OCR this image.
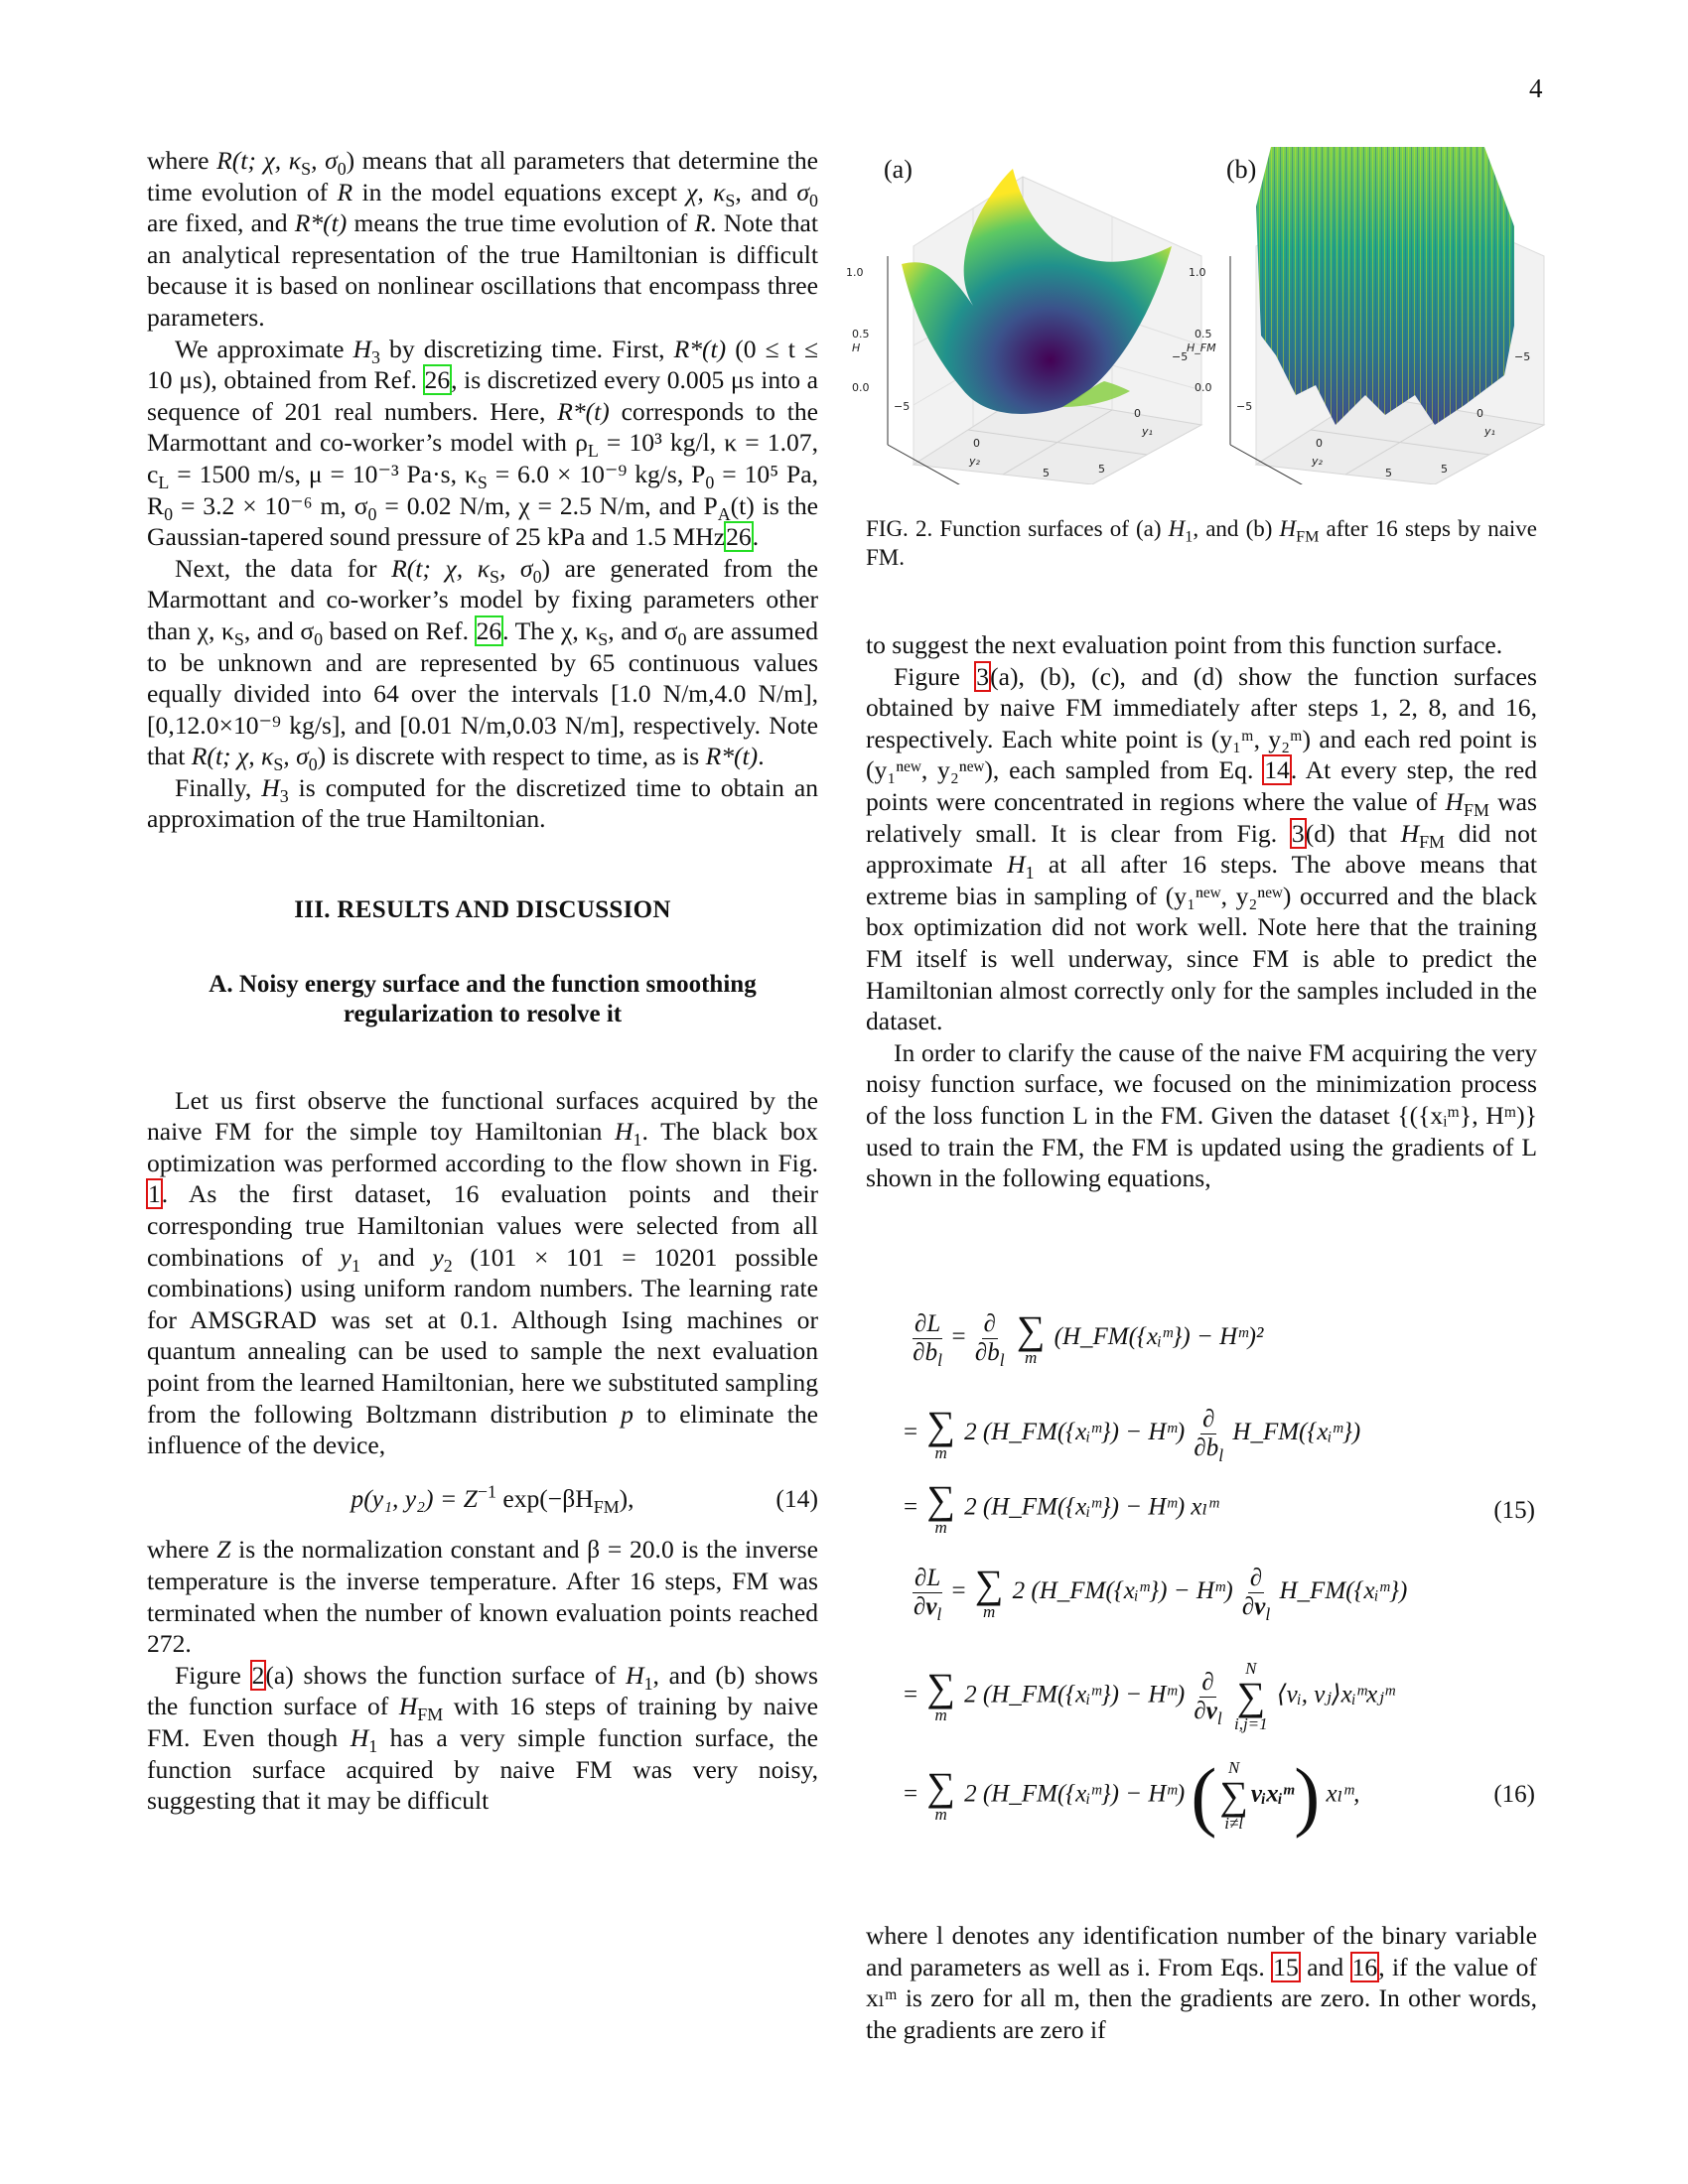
4

where R(t; χ, $\kappa_S$, $\sigma_0$) means that all parameters that determine the time evolution of R in the model equations except χ, $\kappa_S$, and $\sigma_0$ are fixed, and R*(t) means the true time evolution of R. Note that an analytical representation of the true Hamiltonian is difficult because it is based on nonlinear oscillations that encompass three parameters.

We approximate $H_3$ by discretizing time. First, R*(t) (0 ≤ t ≤ 10 μs), obtained from Ref. 26, is discretized every 0.005 μs into a sequence of 201 real numbers. Here, R*(t) corresponds to the Marmottant and co-worker’s model with $\rho_L = 10^3$ kg/l, κ = 1.07, $c_L = 1500$ m/s, μ = 10⁻³ Pa·s, $\kappa_S = 6.0 \times 10^{-9}$ kg/s, $P_0 = 10^5$ Pa, $R_0 = 3.2 \times 10^{-6}$ m, $\sigma_0 = 0.02$ N/m, χ = 2.5 N/m, and $P_A(t)$ is the Gaussian-tapered sound pressure of 25 kPa and 1.5 MHz26.

Next, the data for R(t; χ, $\kappa_S$, $\sigma_0$) are generated from the Marmottant and co-worker’s model by fixing parameters other than χ, $\kappa_S$, and $\sigma_0$ based on Ref. 26. The χ, $\kappa_S$, and $\sigma_0$ are assumed to be unknown and are represented by 65 continuous values equally divided into 64 over the intervals [1.0 N/m,4.0 N/m], [0,12.0×10⁻⁹ kg/s], and [0.01 N/m,0.03 N/m], respectively. Note that R(t; χ, $\kappa_S$, $\sigma_0$) is discrete with respect to time, as is R*(t).

Finally, $H_3$ is computed for the discretized time to obtain an approximation of the true Hamiltonian.

III. RESULTS AND DISCUSSION
A. Noisy energy surface and the function smoothing regularization to resolve it

Let us first observe the functional surfaces acquired by the naive FM for the simple toy Hamiltonian $H_1$. The black box optimization was performed according to the flow shown in Fig. 1. As the first dataset, 16 evaluation points and their corresponding true Hamiltonian values were selected from all combinations of $y_1$ and $y_2$ (101 × 101 = 10201 possible combinations) using uniform random numbers. The learning rate for AMSGRAD was set at 0.1. Although Ising machines or quantum annealing can be used to sample the next evaluation point from the learned Hamiltonian, here we substituted sampling from the following Boltzmann distribution p to eliminate the influence of the device,

p(y₁, $y_2) = Z^{-1}$ $\exp(-\beta H_{FM})$,	(14)

where Z is the normalization constant and β = 20.0 is the inverse temperature is the inverse temperature. After 16 steps, FM was terminated when the number of known evaluation points reached 272.

Figure 2(a) shows the function surface of $H_1$, and (b) shows the function surface of $H_{FM}$ with 16 steps of training by naive FM. Even though $H_1$ has a very simple function surface, the function surface acquired by naive FM was very noisy, suggesting that it may be difficult

(a)
1.0
0.5
0.0
H
−5
0
5
y₂
−5
0
5
y₁
(b)
1.0
0.5
0.0
H_FM
−5
0
5
y₂
−5
0
5
y₁
FIG. 2. Function surfaces of (a) $H_1$, and (b) $H_{FM}$ after 16 steps by naive FM.

to suggest the next evaluation point from this function surface.

Figure 3(a), (b), (c), and (d) show the function surfaces obtained by naive FM immediately after steps 1, 2, 8, and 16, respectively. Each white point is (y₁ᵐ, y₂ᵐ) and each red point is (y₁ⁿᵉʷ, y₂ⁿᵉʷ), each sampled from Eq. 14. At every step, the red points were concentrated in regions where the value of $H_{FM}$ was relatively small. It is clear from Fig. 3(d) that $H_{FM}$ did not approximate $H_1$ at all after 16 steps. The above means that extreme bias in sampling of (y₁ⁿᵉʷ, y₂ⁿᵉʷ) occurred and the black box optimization did not work well. Note here that the training FM itself is well underway, since FM is able to predict the Hamiltonian almost correctly only for the samples included in the dataset.

In order to clarify the cause of the naive FM acquiring the very noisy function surface, we focused on the minimization process of the loss function L in the FM. Given the dataset {({xᵢᵐ}, Hᵐ)} used to train the FM, the FM is updated using the gradients of L shown in the following equations,

$\frac{\partial L}{\partial b_l} = \frac{\partial}{\partial b_l}$
∑
m
(H_FM({xᵢᵐ}) − Hᵐ)²
= ∑
m
2 (H_FM({xᵢᵐ}) − Hᵐ) $\frac{\partial}{\partial b_l}$ H_FM({xᵢᵐ})
= ∑
m
2 (H_FM({xᵢᵐ}) − Hᵐ) xₗᵐ	(15)
$\frac{\partial L}{\partial v_l}$ = ∑
m
2 (H_FM({xᵢᵐ}) − Hᵐ) $\frac{\partial}{\partial v_l}$ H_FM({xᵢᵐ})
= ∑
m
2 (H_FM({xᵢᵐ}) − Hᵐ) $\frac{\partial}{\partial v_l}$
N
∑
i,j=1
⟨vᵢ, vⱼ⟩xᵢᵐxⱼᵐ
= ∑
m
2 (H_FM({xᵢᵐ}) − Hᵐ) ( N
∑
i≠l
vᵢxᵢᵐ) xₗᵐ,	(16)

where l denotes any identification number of the binary variable and parameters as well as i. From Eqs. 15 and 16, if the value of xₗᵐ is zero for all m, then the gradients are zero. In other words, the gradients are zero if
